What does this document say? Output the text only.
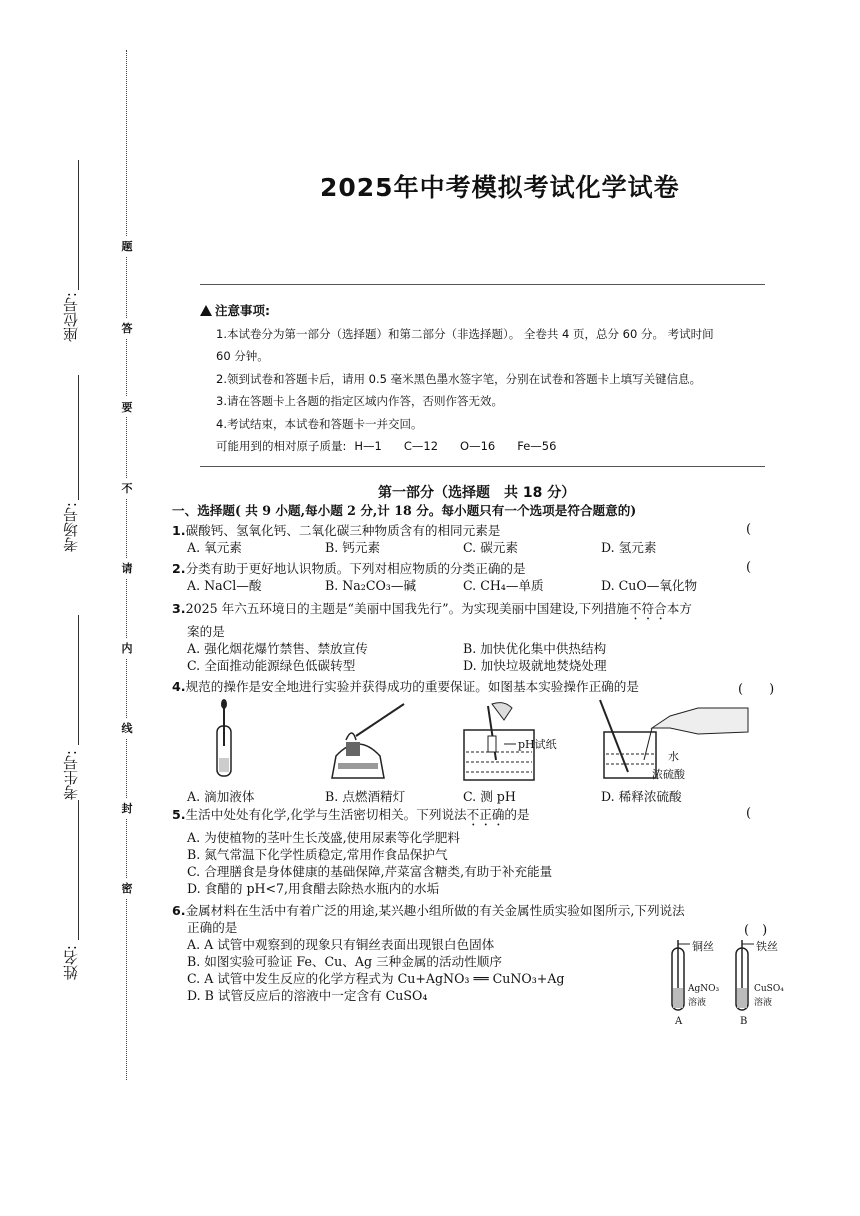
座位号:
考场号:
考生号:
姓名:
题
答
要
不
请
内
线
封
密
2025年中考模拟考试化学试卷
注意事项:
1.本试卷分为第一部分（选择题）和第二部分（非选择题）。 全卷共 4 页，总分 60 分。 考试时间
60 分钟。
2.领到试卷和答题卡后，请用 0.5 毫米黑色墨水签字笔，分别在试卷和答题卡上填写关键信息。
3.请在答题卡上各题的指定区域内作答，否则作答无效。
4.考试结束，本试卷和答题卡一并交回。
可能用到的相对原子质量: H—1 C—12 O—16 Fe—56
第一部分（选择题　共 18 分）
一、选择题( 共 9 小题,每小题 2 分,计 18 分。每小题只有一个选项是符合题意的)
1.碳酸钙、氢氧化钙、二氧化碳三种物质含有的相同元素是
A. 氧元素	B. 钙元素	C. 碳元素	D. 氢元素
(
2.分类有助于更好地认识物质。下列对相应物质的分类正确的是
A. NaCl—酸	B. Na₂CO₃—碱	C. CH₄—单质	D. CuO—氧化物
(
3.2025 年六五环境日的主题是“美丽中国我先行”。为实现美丽中国建设,下列措施不符合本方
案的是
A. 强化烟花爆竹禁售、禁放宣传	B. 加快优化集中供热结构
C. 全面推动能源绿色低碳转型	D. 加快垃圾就地焚烧处理
4.规范的操作是安全地进行实验并获得成功的重要保证。如图基本实验操作正确的是	(　　)
pH试纸
水
浓硫酸
A. 滴加液体	B. 点燃酒精灯	C. 测 pH	D. 稀释浓硫酸
5.生活中处处有化学,化学与生活密切相关。下列说法不正确的是
A. 为使植物的茎叶生长茂盛,使用尿素等化学肥料
B. 氮气常温下化学性质稳定,常用作食品保护气
C. 合理膳食是身体健康的基础保障,芹菜富含糖类,有助于补充能量
D. 食醋的 pH<7,用食醋去除热水瓶内的水垢
(
6.金属材料在生活中有着广泛的用途,某兴趣小组所做的有关金属性质实验如图所示,下列说法
正确的是
A. A 试管中观察到的现象只有铜丝表面出现银白色固体
B. 如图实验可验证 Fe、Cu、Ag 三种金属的活动性顺序
C. A 试管中发生反应的化学方程式为 Cu+AgNO₃ ══ CuNO₃+Ag
D. B 试管反应后的溶液中一定含有 CuSO₄
(　)
铜丝	铁丝
AgNO₃
溶液
CuSO₄
溶液
A	B
